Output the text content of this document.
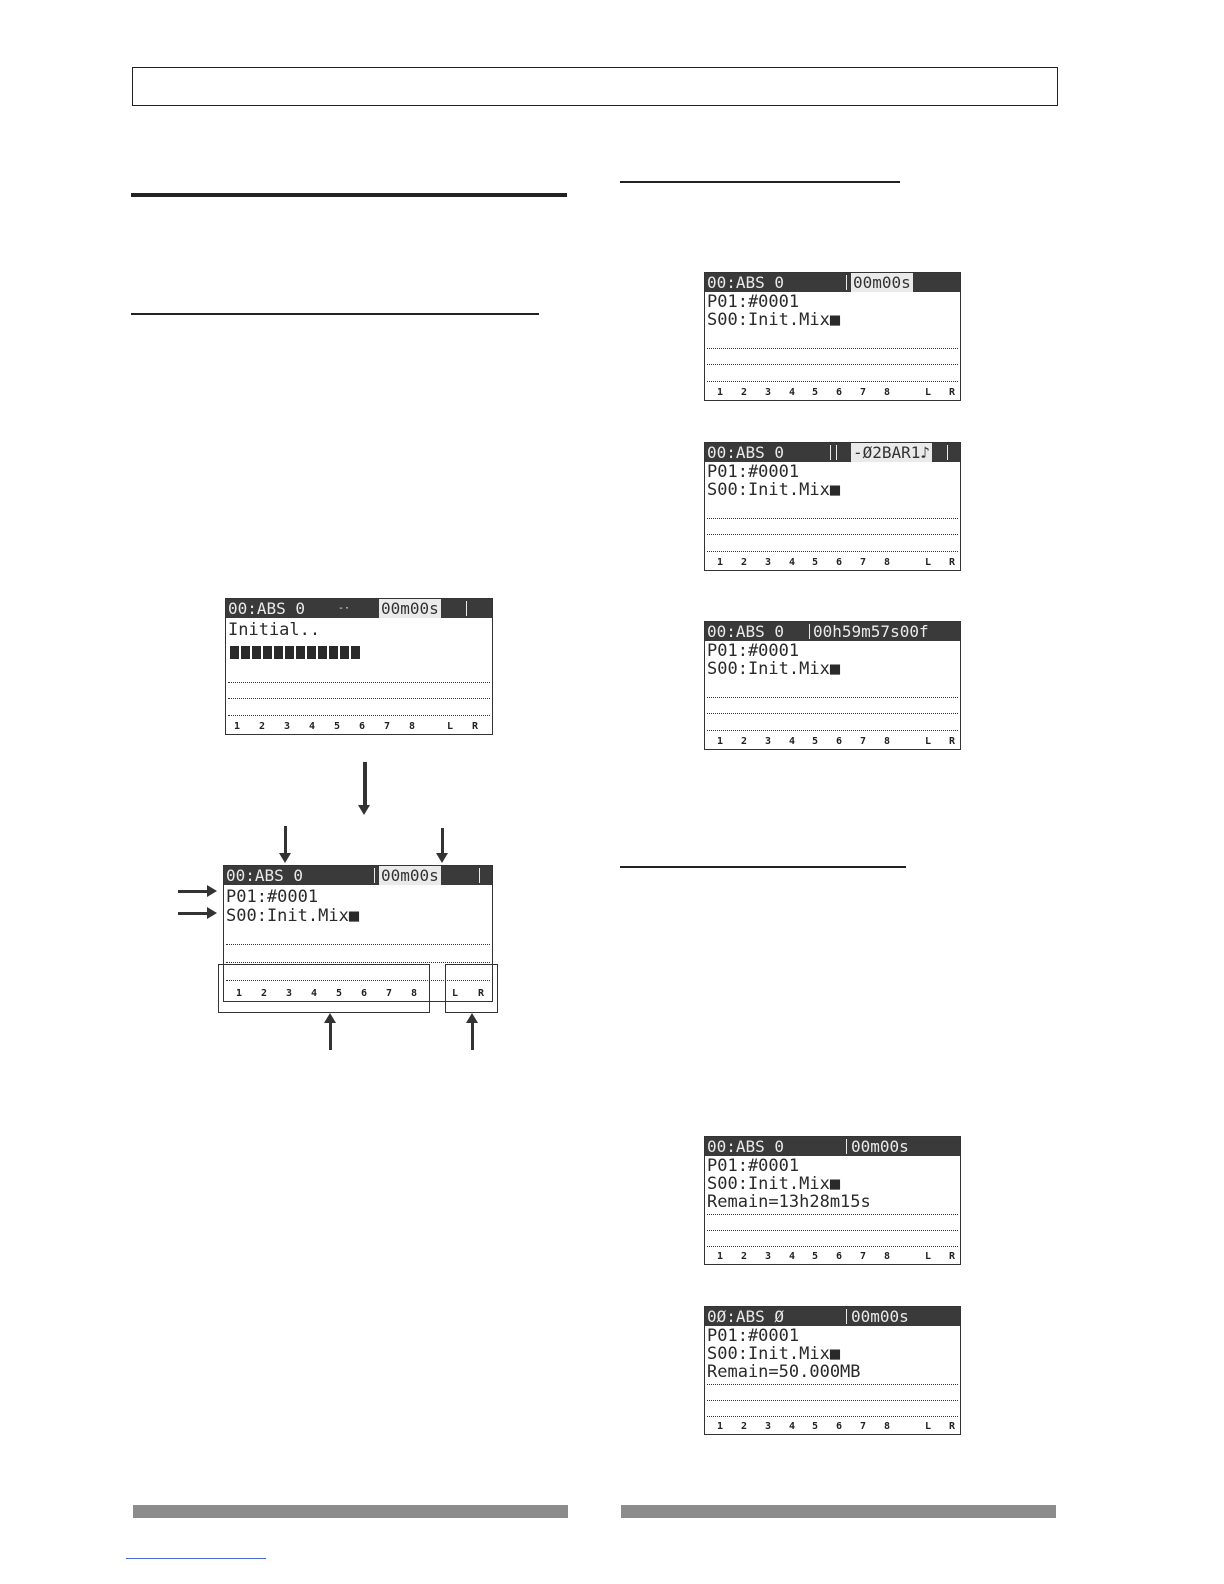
00:ABS 0	-· 00m00s
Initial..
1 2 3 4 5 6 7 8	L R
00:ABS 0	00m00s
P01:#0001
S00:Init.Mix■
1 2 3 4 5 6 7 8	L R
00:ABS 0	00m00s
P01:#0001
S00:Init.Mix■
1 2 3 4 5 6 7 8	L R
00:ABS 0	-Ø2BAR1♪
P01:#0001
S00:Init.Mix■
1 2 3 4 5 6 7 8	L R
00:ABS 0 00h59m57s00f
P01:#0001
S00:Init.Mix■
1 2 3 4 5 6 7 8	L R
00:ABS 0	00m00s
P01:#0001
S00:Init.Mix■
Remain=13h28m15s
1 2 3 4 5 6 7 8	L R
0Ø:ABS Ø	00m00s
P01:#0001
S00:Init.Mix■
Remain=50.000MB
1 2 3 4 5 6 7 8	L R
